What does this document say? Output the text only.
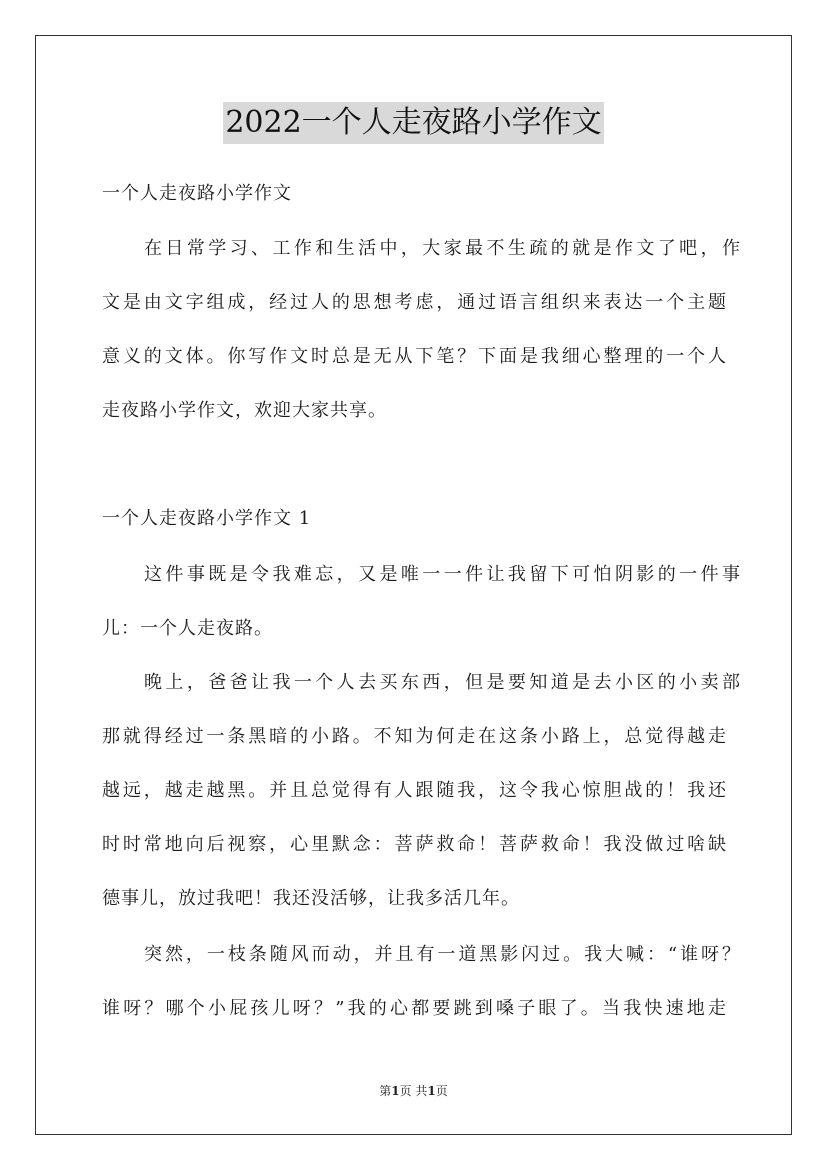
2022一个人走夜路小学作文
一个人走夜路小学作文
在日常学习、工作和生活中，大家最不生疏的就是作文了吧，作
文是由文字组成，经过人的思想考虑，通过语言组织来表达一个主题
意义的文体。你写作文时总是无从下笔？下面是我细心整理的一个人
走夜路小学作文，欢迎大家共享。
一个人走夜路小学作文 1
这件事既是令我难忘，又是唯一一件让我留下可怕阴影的一件事
儿：一个人走夜路。
晚上，爸爸让我一个人去买东西，但是要知道是去小区的小卖部
那就得经过一条黑暗的小路。不知为何走在这条小路上，总觉得越走
越远，越走越黑。并且总觉得有人跟随我，这令我心惊胆战的！我还
时时常地向后视察，心里默念：菩萨救命！菩萨救命！我没做过啥缺
德事儿，放过我吧！我还没活够，让我多活几年。
突然，一枝条随风而动，并且有一道黑影闪过。我大喊：“谁呀？
谁呀？哪个小屁孩儿呀？”我的心都要跳到嗓子眼了。当我快速地走
第1页 共1页
